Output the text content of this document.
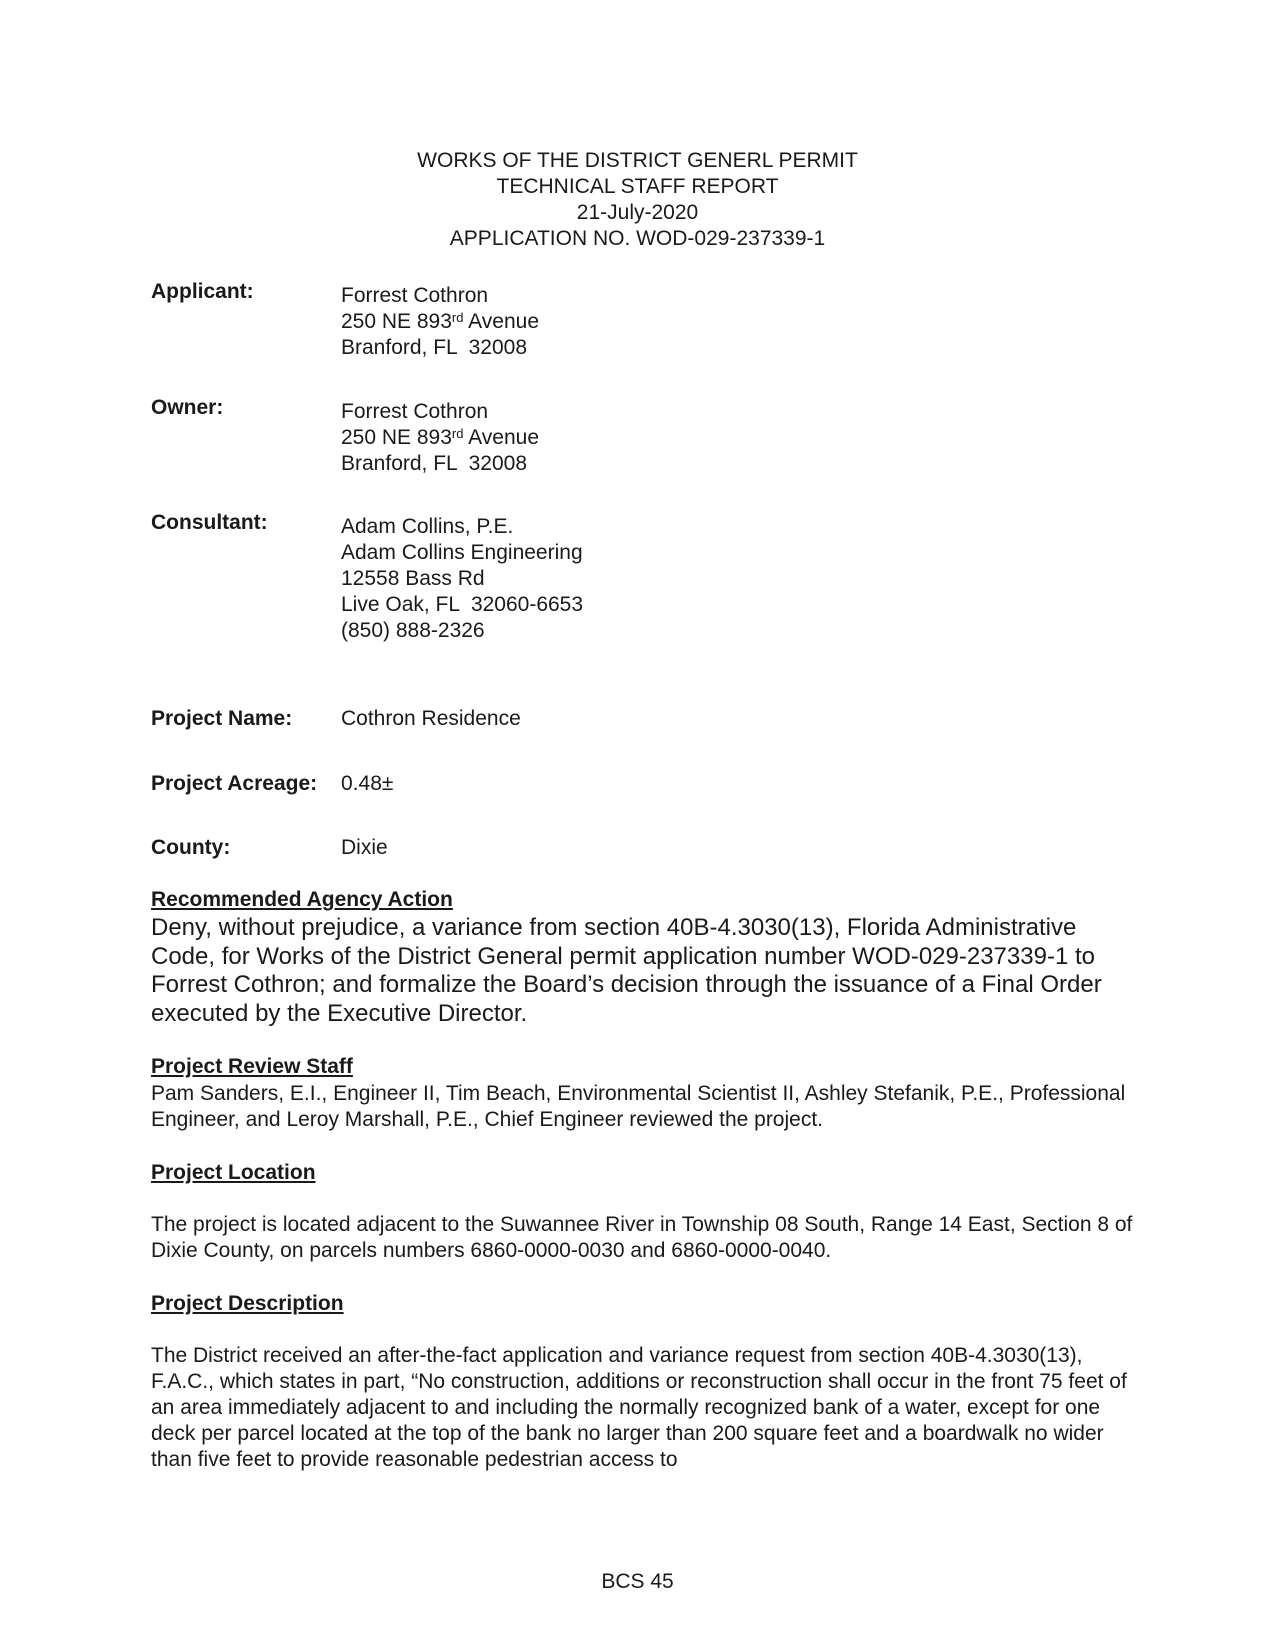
WORKS OF THE DISTRICT GENERL PERMIT
TECHNICAL STAFF REPORT
21-July-2020
APPLICATION NO. WOD-029-237339-1
Applicant:	Forrest Cothron
250 NE 893rd Avenue
Branford, FL  32008
Owner:	Forrest Cothron
250 NE 893rd Avenue
Branford, FL  32008
Consultant:	Adam Collins, P.E.
Adam Collins Engineering
12558 Bass Rd
Live Oak, FL  32060-6653
(850) 888-2326
Project Name: Cothron Residence
Project Acreage: 0.48±
County:	Dixie
Recommended Agency Action
Deny, without prejudice, a variance from section 40B-4.3030(13), Florida Administrative Code, for Works of the District General permit application number WOD-029-237339-1 to Forrest Cothron; and formalize the Board’s decision through the issuance of a Final Order executed by the Executive Director.
Project Review Staff
Pam Sanders, E.I., Engineer II, Tim Beach, Environmental Scientist II, Ashley Stefanik, P.E., Professional Engineer, and Leroy Marshall, P.E., Chief Engineer reviewed the project.
Project Location
The project is located adjacent to the Suwannee River in Township 08 South, Range 14 East, Section 8 of Dixie County, on parcels numbers 6860-0000-0030 and 6860-0000-0040.
Project Description
The District received an after-the-fact application and variance request from section 40B-4.3030(13), F.A.C., which states in part, “No construction, additions or reconstruction shall occur in the front 75 feet of an area immediately adjacent to and including the normally recognized bank of a water, except for one deck per parcel located at the top of the bank no larger than 200 square feet and a boardwalk no wider than five feet to provide reasonable pedestrian access to
BCS 45
